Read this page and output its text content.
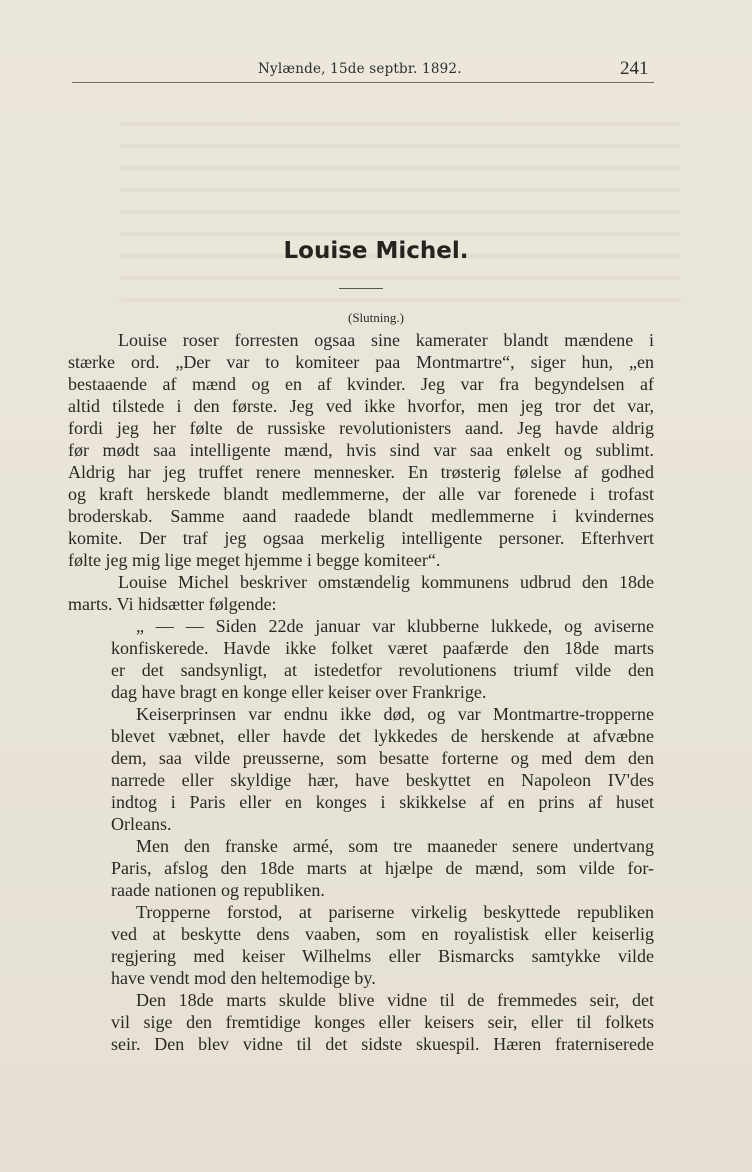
Nylænde, 15de septbr. 1892.	241
Louise Michel.
(Slutning.)
Louise roser forresten ogsaa sine kamerater blandt mændene i
stærke ord. „Der var to komiteer paa Montmartre“, siger hun, „en
bestaaende af mænd og en af kvinder. Jeg var fra begyndelsen af
altid tilstede i den første. Jeg ved ikke hvorfor, men jeg tror det var,
fordi jeg her følte de russiske revolutionisters aand. Jeg havde aldrig
før mødt saa intelligente mænd, hvis sind var saa enkelt og sublimt.
Aldrig har jeg truffet renere mennesker. En trøsterig følelse af godhed
og kraft herskede blandt medlemmerne, der alle var forenede i trofast
broderskab. Samme aand raadede blandt medlemmerne i kvindernes
komite. Der traf jeg ogsaa merkelig intelligente personer. Efterhvert
følte jeg mig lige meget hjemme i begge komiteer“.
Louise Michel beskriver omstændelig kommunens udbrud den 18de
marts. Vi hidsætter følgende:
„ — — Siden 22de januar var klubberne lukkede, og aviserne
konfiskerede. Havde ikke folket været paafærde den 18de marts
er det sandsynligt, at istedetfor revolutionens triumf vilde den
dag have bragt en konge eller keiser over Frankrige.
Keiserprinsen var endnu ikke død, og var Montmartre-tropperne
blevet væbnet, eller havde det lykkedes de herskende at afvæbne
dem, saa vilde preusserne, som besatte forterne og med dem den
narrede eller skyldige hær, have beskyttet en Napoleon IV'des
indtog i Paris eller en konges i skikkelse af en prins af huset
Orleans.
Men den franske armé, som tre maaneder senere undertvang
Paris, afslog den 18de marts at hjælpe de mænd, som vilde for-
raade nationen og republiken.
Tropperne forstod, at pariserne virkelig beskyttede republiken
ved at beskytte dens vaaben, som en royalistisk eller keiserlig
regjering med keiser Wilhelms eller Bismarcks samtykke vilde
have vendt mod den heltemodige by.
Den 18de marts skulde blive vidne til de fremmedes seir, det
vil sige den fremtidige konges eller keisers seir, eller til folkets
seir. Den blev vidne til det sidste skuespil. Hæren fraterniserede
